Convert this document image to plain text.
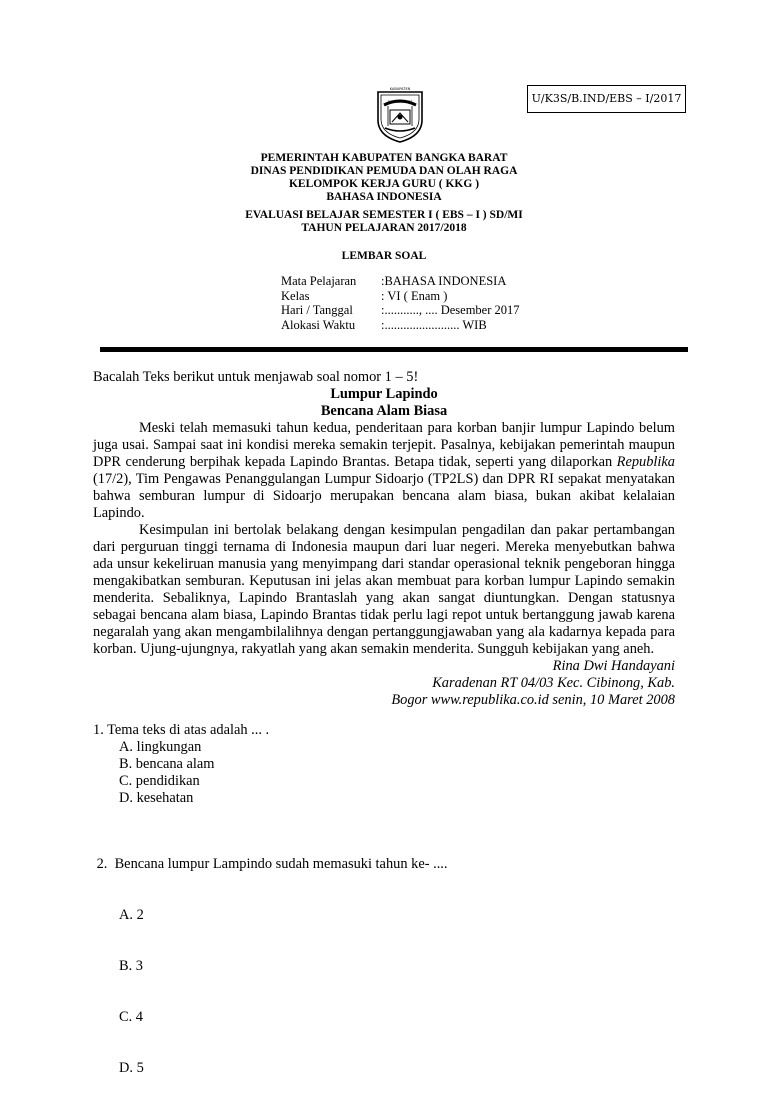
U/K3S/B.IND/EBS – I/2017
KABUPATEN
BANGKA BARAT
PEMERINTAH KABUPATEN BANGKA BARAT
DINAS PENDIDIKAN PEMUDA DAN OLAH RAGA
KELOMPOK KERJA GURU ( KKG )
BAHASA INDONESIA
EVALUASI BELAJAR SEMESTER I ( EBS – I ) SD/MI
TAHUN PELAJARAN 2017/2018
LEMBAR SOAL
Mata Pelajaran	:BAHASA INDONESIA
Kelas	: VI ( Enam )
Hari / Tanggal	:..........., .... Desember 2017
Alokasi Waktu	:........................ WIB
Bacalah Teks berikut untuk menjawab soal nomor 1 – 5!
Lumpur Lapindo
Bencana Alam Biasa

Meski telah memasuki tahun kedua, penderitaan para korban banjir lumpur Lapindo belum juga usai. Sampai saat ini kondisi mereka semakin terjepit. Pasalnya, kebijakan pemerintah maupun DPR cenderung berpihak kepada Lapindo Brantas. Betapa tidak, seperti yang dilaporkan Republika (17/2), Tim Pengawas Penanggulangan Lumpur Sidoarjo (TP2LS) dan DPR RI sepakat menyatakan bahwa semburan lumpur di Sidoarjo merupakan bencana alam biasa, bukan akibat kelalaian Lapindo.

Kesimpulan ini bertolak belakang dengan kesimpulan pengadilan dan pakar pertambangan dari perguruan tinggi ternama di Indonesia maupun dari luar negeri. Mereka menyebutkan bahwa ada unsur kekeliruan manusia yang menyimpang dari standar operasional teknik pengeboran hingga mengakibatkan semburan. Keputusan ini jelas akan membuat para korban lumpur Lapindo semakin menderita. Sebaliknya, Lapindo Brantaslah yang akan sangat diuntungkan. Dengan statusnya sebagai bencana alam biasa, Lapindo Brantas tidak perlu lagi repot untuk bertanggung jawab karena negaralah yang akan mengambilalihnya dengan pertanggungjawaban yang ala kadarnya kepada para korban. Ujung-ujungnya, rakyatlah yang akan semakin menderita. Sungguh kebijakan yang aneh.

Rina Dwi Handayani
Karadenan RT 04/03 Kec. Cibinong, Kab.
Bogor www.republika.co.id senin, 10 Maret 2008
1. Tema teks di atas adalah ... .
A. lingkungan
B. bencana alam
C. pendidikan
D. kesehatan

2.  Bencana lumpur Lampindo sudah memasuki tahun ke- ....

A. 2

B. 3

C. 4

D. 5
